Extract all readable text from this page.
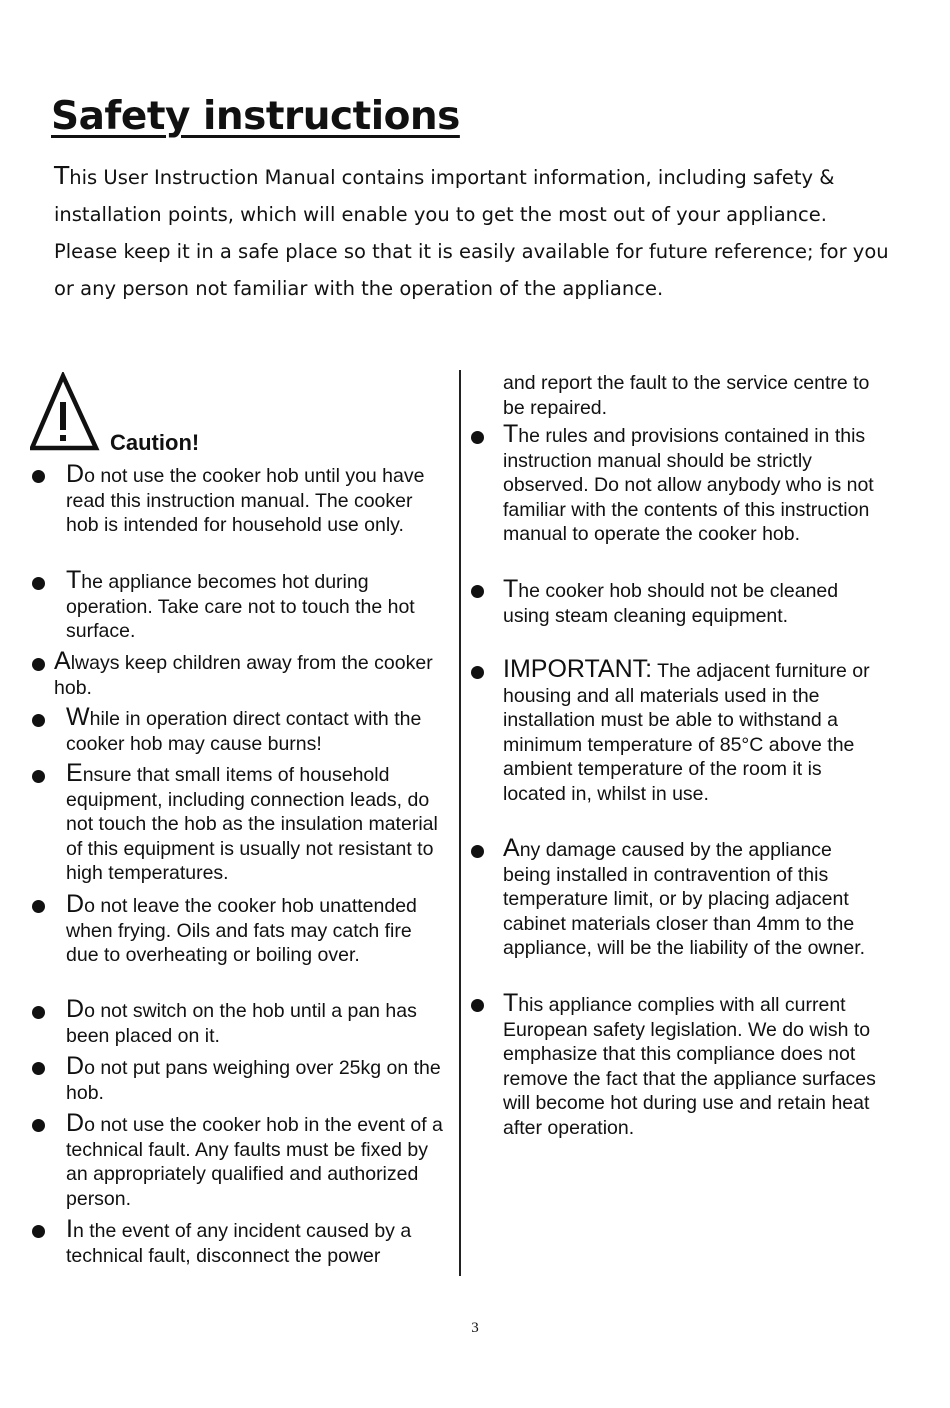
Safety instructions

This User Instruction Manual contains important information, including safety & installation points, which will enable you to get the most out of your appliance. Please keep it in a safe place so that it is easily available for future reference; for you or any person not familiar with the operation of the appliance.

Caution!

Do not use the cooker hob until you have read this instruction manual. The cooker hob is intended for household use only.
The appliance becomes hot during operation. Take care not to touch the hot surface.
Always keep children away from the cooker hob.
While in operation direct contact with the cooker hob may cause burns!
Ensure that small items of household equipment, including connection leads, do not touch the hob as the insulation material of this equipment is usually not resistant to high temperatures.
Do not leave the cooker hob unattended when frying. Oils and fats may catch fire due to overheating or boiling over.
Do not switch on the hob until a pan has been placed on it.
Do not put pans weighing over 25kg on the hob.
Do not use the cooker hob in the event of a technical fault. Any faults must be fixed by an appropriately qualified and authorized person.
In the event of any incident caused by a technical fault, disconnect the power
and report the fault to the service centre to be repaired.
The rules and provisions contained in this instruction manual should be strictly observed. Do not allow anybody who is not familiar with the contents of this instruction manual to operate the cooker hob.
The cooker hob should not be cleaned using steam cleaning equipment.
IMPORTANT: The adjacent furniture or housing and all materials used in the installation must be able to withstand a minimum temperature of 85°C above the ambient temperature of the room it is located in, whilst in use.
Any damage caused by the appliance being installed in contravention of this temperature limit, or by placing adjacent cabinet materials closer than 4mm to the appliance, will be the liability of the owner.
This appliance complies with all current European safety legislation. We do wish to emphasize that this compliance does not remove the fact that the appliance surfaces will become hot during use and retain heat after operation.
3
